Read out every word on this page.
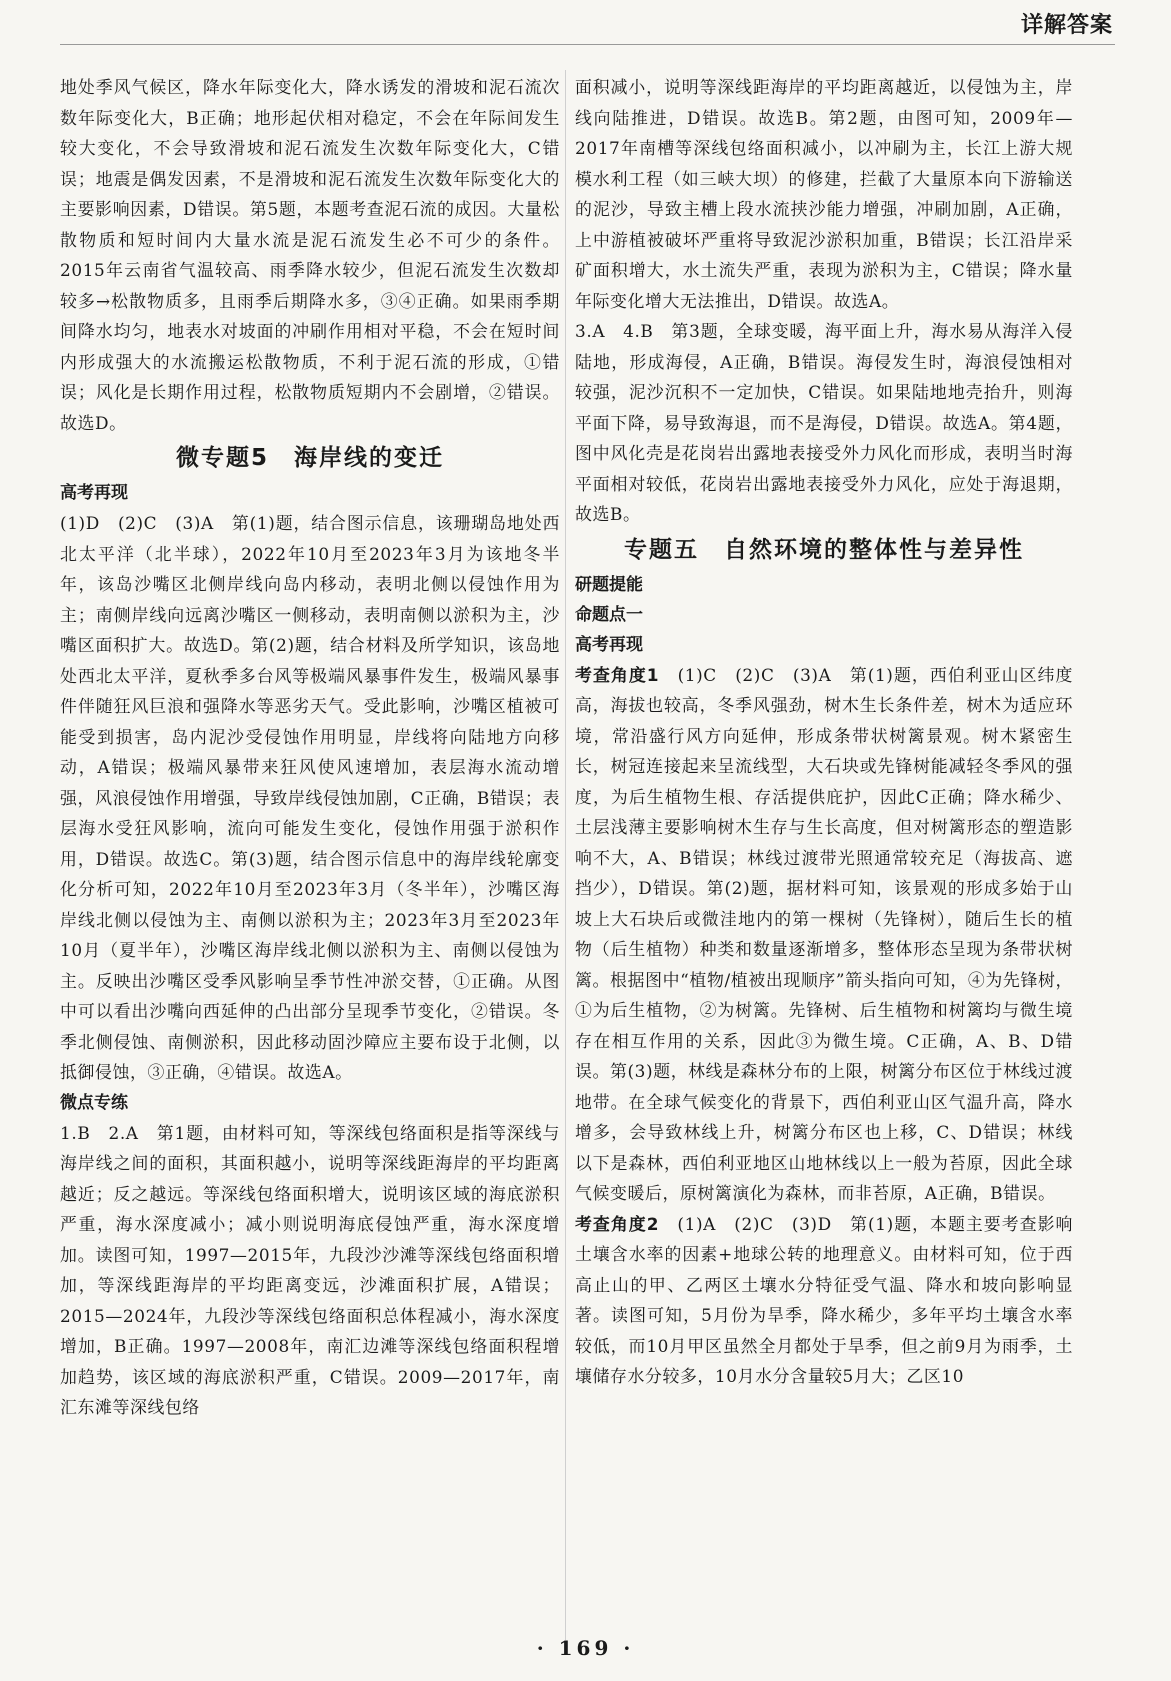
详解答案

地处季风气候区，降水年际变化大，降水诱发的滑坡和泥石流次数年际变化大，B正确；地形起伏相对稳定，不会在年际间发生较大变化，不会导致滑坡和泥石流发生次数年际变化大，C错误；地震是偶发因素，不是滑坡和泥石流发生次数年际变化大的主要影响因素，D错误。第5题，本题考查泥石流的成因。大量松散物质和短时间内大量水流是泥石流发生必不可少的条件。2015年云南省气温较高、雨季降水较少，但泥石流发生次数却较多→松散物质多，且雨季后期降水多，③④正确。如果雨季期间降水均匀，地表水对坡面的冲刷作用相对平稳，不会在短时间内形成强大的水流搬运松散物质，不利于泥石流的形成，①错误；风化是长期作用过程，松散物质短期内不会剧增，②错误。故选D。

微专题5　海岸线的变迁
高考再现

(1)D　(2)C　(3)A　第(1)题，结合图示信息，该珊瑚岛地处西北太平洋（北半球），2022年10月至2023年3月为该地冬半年，该岛沙嘴区北侧岸线向岛内移动，表明北侧以侵蚀作用为主；南侧岸线向远离沙嘴区一侧移动，表明南侧以淤积为主，沙嘴区面积扩大。故选D。第(2)题，结合材料及所学知识，该岛地处西北太平洋，夏秋季多台风等极端风暴事件发生，极端风暴事件伴随狂风巨浪和强降水等恶劣天气。受此影响，沙嘴区植被可能受到损害，岛内泥沙受侵蚀作用明显，岸线将向陆地方向移动，A错误；极端风暴带来狂风使风速增加，表层海水流动增强，风浪侵蚀作用增强，导致岸线侵蚀加剧，C正确，B错误；表层海水受狂风影响，流向可能发生变化，侵蚀作用强于淤积作用，D错误。故选C。第(3)题，结合图示信息中的海岸线轮廓变化分析可知，2022年10月至2023年3月（冬半年），沙嘴区海岸线北侧以侵蚀为主、南侧以淤积为主；2023年3月至2023年10月（夏半年），沙嘴区海岸线北侧以淤积为主、南侧以侵蚀为主。反映出沙嘴区受季风影响呈季节性冲淤交替，①正确。从图中可以看出沙嘴向西延伸的凸出部分呈现季节变化，②错误。冬季北侧侵蚀、南侧淤积，因此移动固沙障应主要布设于北侧，以抵御侵蚀，③正确，④错误。故选A。

微点专练

1.B　2.A　第1题，由材料可知，等深线包络面积是指等深线与海岸线之间的面积，其面积越小，说明等深线距海岸的平均距离越近；反之越远。等深线包络面积增大，说明该区域的海底淤积严重，海水深度减小；减小则说明海底侵蚀严重，海水深度增加。读图可知，1997—2015年，九段沙沙滩等深线包络面积增加，等深线距海岸的平均距离变远，沙滩面积扩展，A错误；2015—2024年，九段沙等深线包络面积总体程减小，海水深度增加，B正确。1997—2008年，南汇边滩等深线包络面积程增加趋势，该区域的海底淤积严重，C错误。2009—2017年，南汇东滩等深线包络

面积减小，说明等深线距海岸的平均距离越近，以侵蚀为主，岸线向陆推进，D错误。故选B。第2题，由图可知，2009年—2017年南槽等深线包络面积减小，以冲刷为主，长江上游大规模水利工程（如三峡大坝）的修建，拦截了大量原本向下游输送的泥沙，导致主槽上段水流挟沙能力增强，冲刷加剧，A正确，上中游植被破坏严重将导致泥沙淤积加重，B错误；长江沿岸采矿面积增大，水土流失严重，表现为淤积为主，C错误；降水量年际变化增大无法推出，D错误。故选A。

3.A　4.B　第3题，全球变暖，海平面上升，海水易从海洋入侵陆地，形成海侵，A正确，B错误。海侵发生时，海浪侵蚀相对较强，泥沙沉积不一定加快，C错误。如果陆地地壳抬升，则海平面下降，易导致海退，而不是海侵，D错误。故选A。第4题，图中风化壳是花岗岩出露地表接受外力风化而形成，表明当时海平面相对较低，花岗岩出露地表接受外力风化，应处于海退期，故选B。

专题五　自然环境的整体性与差异性
研题提能
命题点一
高考再现

考查角度1　 (1)C　(2)C　(3)A　第(1)题，西伯利亚山区纬度高，海拔也较高，冬季风强劲，树木生长条件差，树木为适应环境，常沿盛行风方向延伸，形成条带状树篱景观。树木紧密生长，树冠连接起来呈流线型，大石块或先锋树能减轻冬季风的强度，为后生植物生根、存活提供庇护，因此C正确；降水稀少、土层浅薄主要影响树木生存与生长高度，但对树篱形态的塑造影响不大，A、B错误；林线过渡带光照通常较充足（海拔高、遮挡少），D错误。第(2)题，据材料可知，该景观的形成多始于山坡上大石块后或微洼地内的第一棵树（先锋树），随后生长的植物（后生植物）种类和数量逐渐增多，整体形态呈现为条带状树篱。根据图中“植物/植被出现顺序”箭头指向可知，④为先锋树，①为后生植物，②为树篱。先锋树、后生植物和树篱均与微生境存在相互作用的关系，因此③为微生境。C正确，A、B、D错误。第(3)题，林线是森林分布的上限，树篱分布区位于林线过渡地带。在全球气候变化的背景下，西伯利亚山区气温升高，降水增多，会导致林线上升，树篱分布区也上移，C、D错误；林线以下是森林，西伯利亚地区山地林线以上一般为苔原，因此全球气候变暖后，原树篱演化为森林，而非苔原，A正确，B错误。

考查角度2　 (1)A　(2)C　(3)D　第(1)题，本题主要考查影响土壤含水率的因素+地球公转的地理意义。由材料可知，位于西高止山的甲、乙两区土壤水分特征受气温、降水和坡向影响显著。读图可知，5月份为旱季，降水稀少，多年平均土壤含水率较低，而10月甲区虽然全月都处于旱季，但之前9月为雨季，土壤储存水分较多，10月水分含量较5月大；乙区10

· 169 ·
